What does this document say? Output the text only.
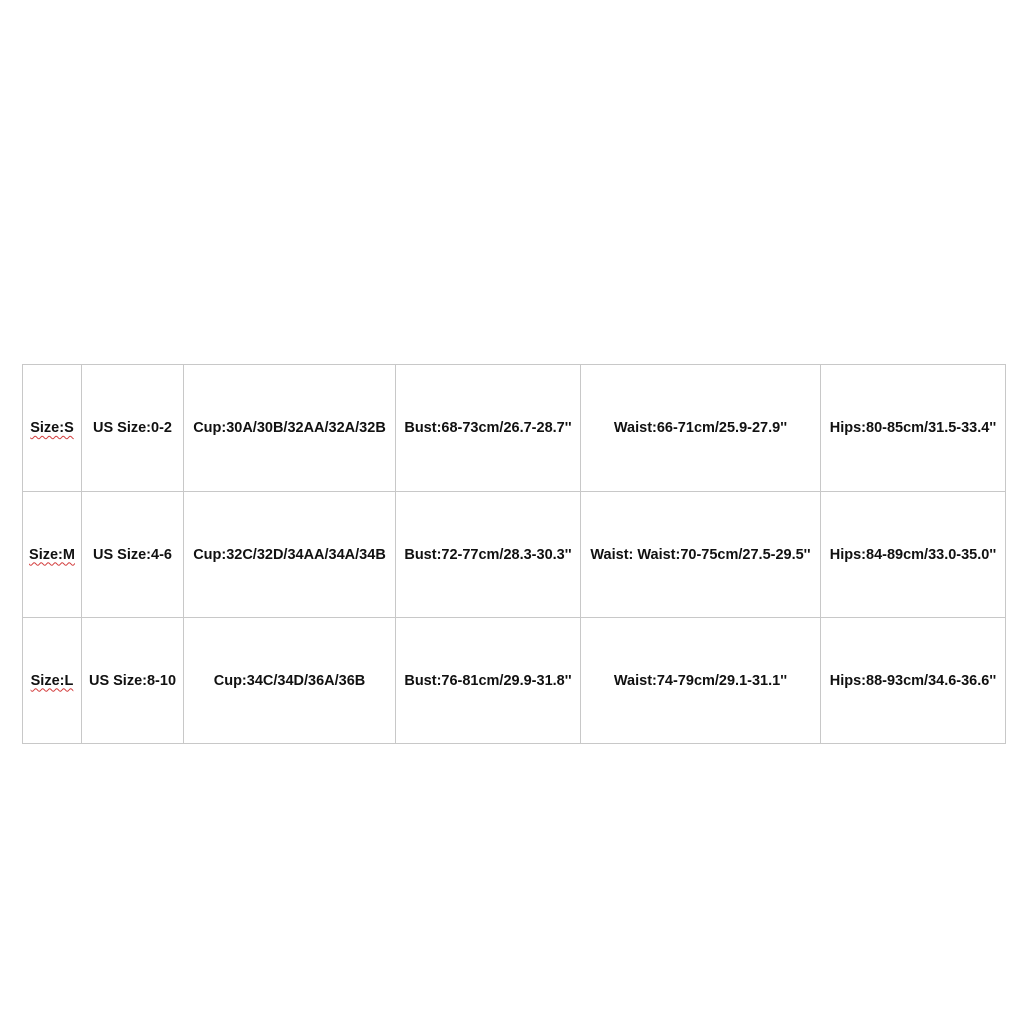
Size:S	US Size:0-2	Cup:30A/30B/32AA/32A/32B	Bust:68-73cm/26.7-28.7''	Waist:66-71cm/25.9-27.9''	Hips:80-85cm/31.5-33.4''
Size:M	US Size:4-6	Cup:32C/32D/34AA/34A/34B	Bust:72-77cm/28.3-30.3''	Waist: Waist:70-75cm/27.5-29.5''	Hips:84-89cm/33.0-35.0''
Size:L	US Size:8-10	Cup:34C/34D/36A/36B	Bust:76-81cm/29.9-31.8''	Waist:74-79cm/29.1-31.1''	Hips:88-93cm/34.6-36.6''
